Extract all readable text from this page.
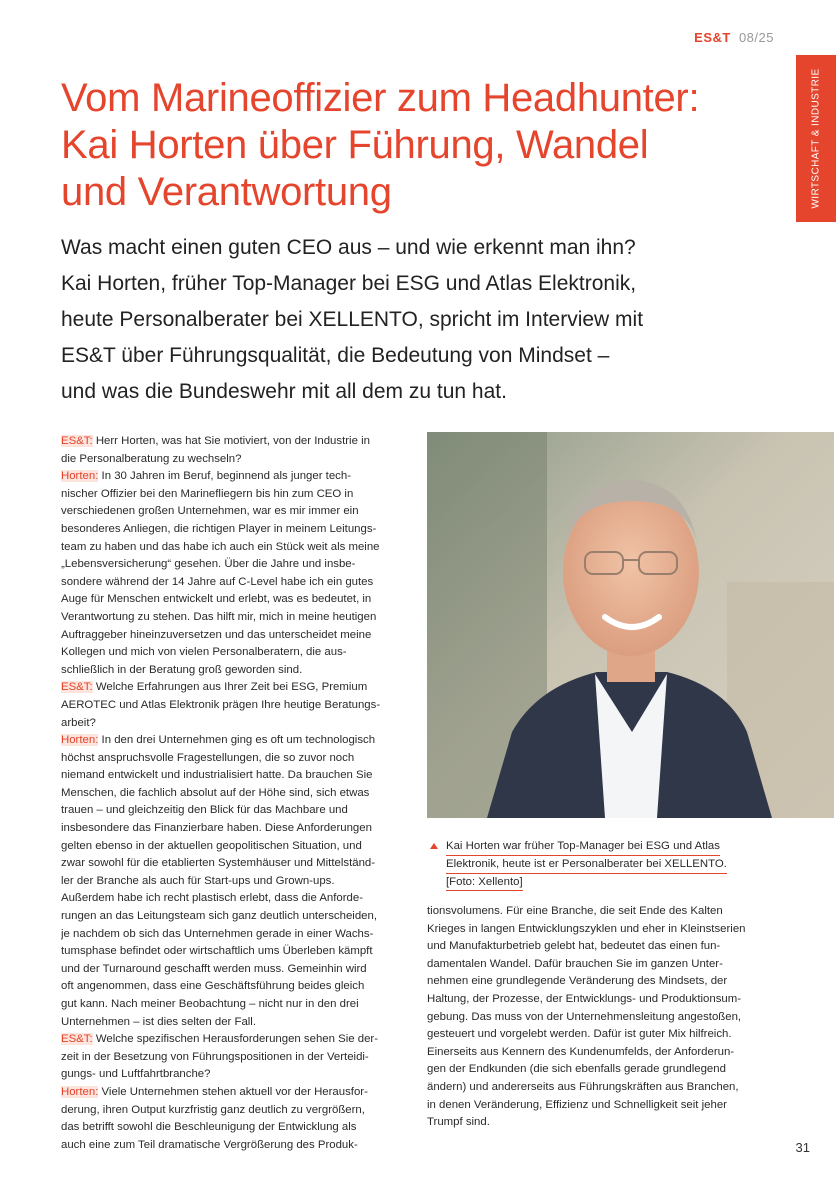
ES&T 08/25
WIRTSCHAFT & INDUSTRIE
Vom Marineoffizier zum Headhunter:
Kai Horten über Führung, Wandel
und Verantwortung
Was macht einen guten CEO aus – und wie erkennt man ihn?
Kai Horten, früher Top-Manager bei ESG und Atlas Elektronik,
heute Personalberater bei XELLENTO, spricht im Interview mit
ES&T über Führungsqualität, die Bedeutung von Mindset –
und was die Bundeswehr mit all dem zu tun hat.
ES&T: Herr Horten, was hat Sie motiviert, von der Industrie in
die Personalberatung zu wechseln?
Horten: In 30 Jahren im Beruf, beginnend als junger tech-
nischer Offizier bei den Marinefliegern bis hin zum CEO in
verschiedenen großen Unternehmen, war es mir immer ein
besonderes Anliegen, die richtigen Player in meinem Leitungs-
team zu haben und das habe ich auch ein Stück weit als meine
„Lebensversicherung“ gesehen. Über die Jahre und insbe-
sondere während der 14 Jahre auf C-Level habe ich ein gutes
Auge für Menschen entwickelt und erlebt, was es bedeutet, in
Verantwortung zu stehen. Das hilft mir, mich in meine heutigen
Auftraggeber hineinzuversetzen und das unterscheidet meine
Kollegen und mich von vielen Personalberatern, die aus-
schließlich in der Beratung groß geworden sind.
ES&T: Welche Erfahrungen aus Ihrer Zeit bei ESG, Premium
AEROTEC und Atlas Elektronik prägen Ihre heutige Beratungs-
arbeit?
Horten: In den drei Unternehmen ging es oft um technologisch
höchst anspruchsvolle Fragestellungen, die so zuvor noch
niemand entwickelt und industrialisiert hatte. Da brauchen Sie
Menschen, die fachlich absolut auf der Höhe sind, sich etwas
trauen – und gleichzeitig den Blick für das Machbare und
insbesondere das Finanzierbare haben. Diese Anforderungen
gelten ebenso in der aktuellen geopolitischen Situation, und
zwar sowohl für die etablierten Systemhäuser und Mittelständ-
ler der Branche als auch für Start-ups und Grown-ups.
Außerdem habe ich recht plastisch erlebt, dass die Anforde-
rungen an das Leitungsteam sich ganz deutlich unterscheiden,
je nachdem ob sich das Unternehmen gerade in einer Wachs-
tumsphase befindet oder wirtschaftlich ums Überleben kämpft
und der Turnaround geschafft werden muss. Gemeinhin wird
oft angenommen, dass eine Geschäftsführung beides gleich
gut kann. Nach meiner Beobachtung – nicht nur in den drei
Unternehmen – ist dies selten der Fall.
ES&T: Welche spezifischen Herausforderungen sehen Sie der-
zeit in der Besetzung von Führungspositionen in der Verteidi-
gungs- und Luftfahrtbranche?
Horten: Viele Unternehmen stehen aktuell vor der Herausfor-
derung, ihren Output kurzfristig ganz deutlich zu vergrößern,
das betrifft sowohl die Beschleunigung der Entwicklung als
auch eine zum Teil dramatische Vergrößerung des Produk-
Kai Horten war früher Top-Manager bei ESG und Atlas
Elektronik, heute ist er Personalberater bei XELLENTO.
[Foto: Xellento]
tionsvolumens. Für eine Branche, die seit Ende des Kalten
Krieges in langen Entwicklungszyklen und eher in Kleinstserien
und Manufakturbetrieb gelebt hat, bedeutet das einen fun-
damentalen Wandel. Dafür brauchen Sie im ganzen Unter-
nehmen eine grundlegende Veränderung des Mindsets, der
Haltung, der Prozesse, der Entwicklungs- und Produktionsum-
gebung. Das muss von der Unternehmensleitung angestoßen,
gesteuert und vorgelebt werden. Dafür ist guter Mix hilfreich.
Einerseits aus Kennern des Kundenumfelds, der Anforderun-
gen der Endkunden (die sich ebenfalls gerade grundlegend
ändern) und andererseits aus Führungskräften aus Branchen,
in denen Veränderung, Effizienz und Schnelligkeit seit jeher
Trumpf sind.
31
